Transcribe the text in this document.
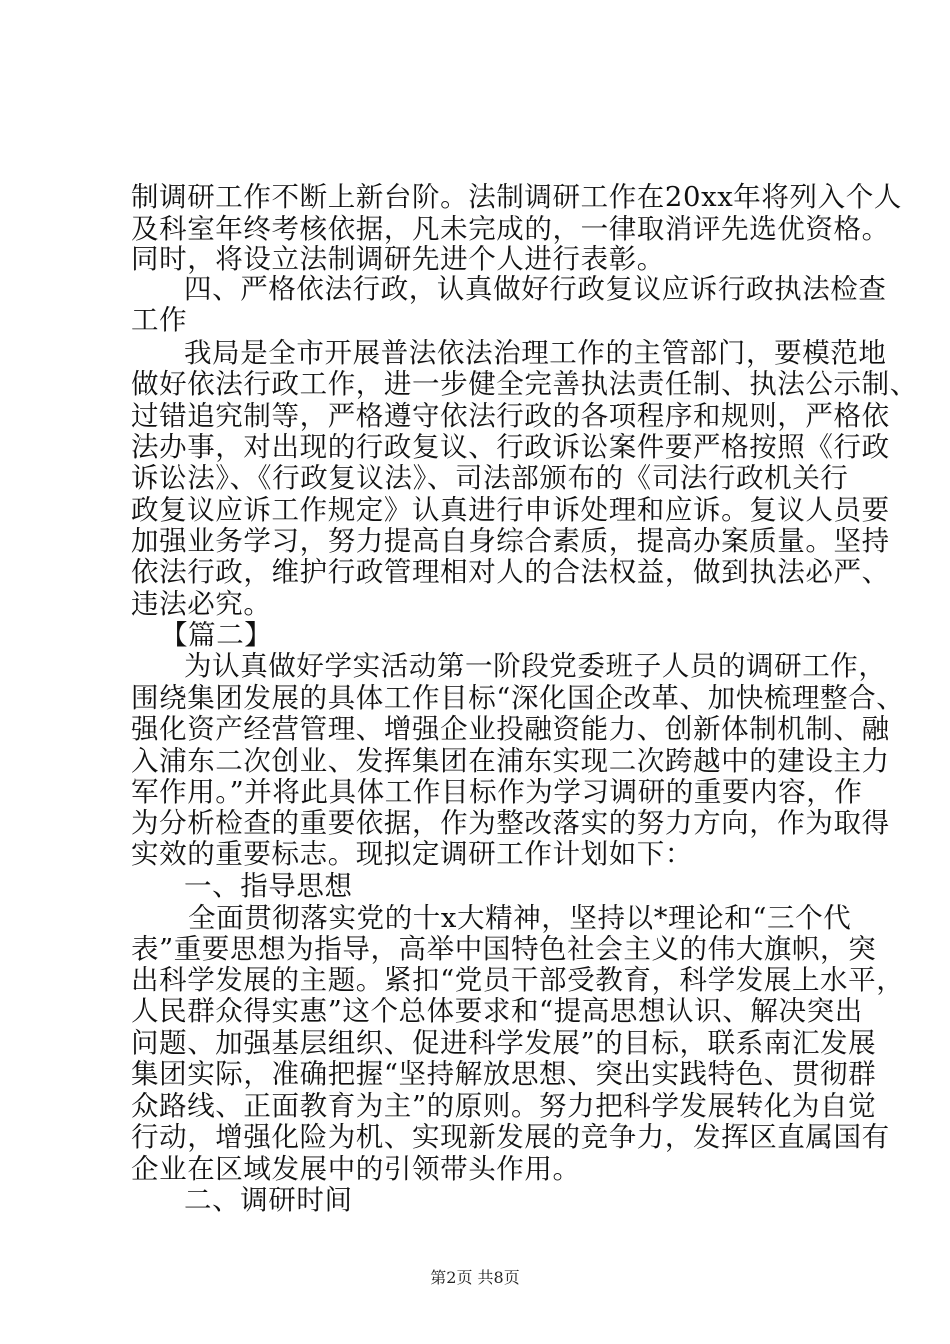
制调研工作不断上新台阶。法制调研工作在20xx年将列入个人
及科室年终考核依据，凡未完成的，一律取消评先选优资格。
同时，将设立法制调研先进个人进行表彰。
四、严格依法行政，认真做好行政复议应诉行政执法检查
工作
我局是全市开展普法依法治理工作的主管部门，要模范地
做好依法行政工作，进一步健全完善执法责任制、执法公示制、
过错追究制等，严格遵守依法行政的各项程序和规则，严格依
法办事，对出现的行政复议、行政诉讼案件要严格按照《行政
诉讼法》、《行政复议法》、司法部颁布的《司法行政机关行
政复议应诉工作规定》认真进行申诉处理和应诉。复议人员要
加强业务学习，努力提高自身综合素质，提高办案质量。坚持
依法行政，维护行政管理相对人的合法权益，做到执法必严、
违法必究。
【篇二】
为认真做好学实活动第一阶段党委班子人员的调研工作，
围绕集团发展的具体工作目标“深化国企改革、加快梳理整合、
强化资产经营管理、增强企业投融资能力、创新体制机制、融
入浦东二次创业、发挥集团在浦东实现二次跨越中的建设主力
军作用。”并将此具体工作目标作为学习调研的重要内容，作
为分析检查的重要依据，作为整改落实的努力方向，作为取得
实效的重要标志。现拟定调研工作计划如下：
一、指导思想
全面贯彻落实党的十x大精神，坚持以*理论和“三个代
表”重要思想为指导，高举中国特色社会主义的伟大旗帜，突
出科学发展的主题。紧扣“党员干部受教育，科学发展上水平，
人民群众得实惠”这个总体要求和“提高思想认识、解决突出
问题、加强基层组织、促进科学发展”的目标，联系南汇发展
集团实际，准确把握“坚持解放思想、突出实践特色、贯彻群
众路线、正面教育为主”的原则。努力把科学发展转化为自觉
行动，增强化险为机、实现新发展的竞争力，发挥区直属国有
企业在区域发展中的引领带头作用。
二、调研时间
第2页 共8页
